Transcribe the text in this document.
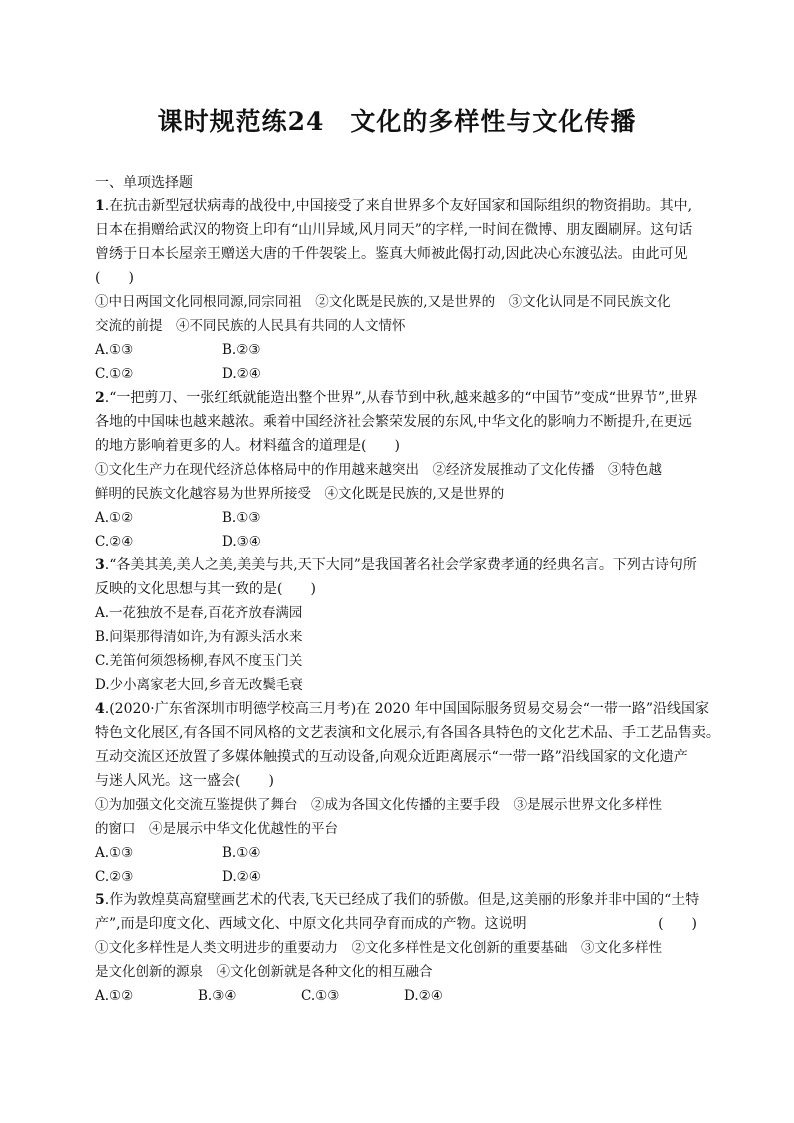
课时规范练24　文化的多样性与文化传播
一、单项选择题
1.在抗击新型冠状病毒的战役中,中国接受了来自世界多个友好国家和国际组织的物资捐助。其中,
日本在捐赠给武汉的物资上印有“山川异域,风月同天”的字样,一时间在微博、朋友圈刷屏。这句话
曾绣于日本长屋亲王赠送大唐的千件袈裟上。鉴真大师被此偈打动,因此决心东渡弘法。由此可见
(　　)
①中日两国文化同根同源,同宗同祖　②文化既是民族的,又是世界的　③文化认同是不同民族文化
交流的前提　④不同民族的人民具有共同的人文情怀
A.①③	B.②③
C.①②	D.②④
2.“一把剪刀、一张红纸就能造出整个世界”,从春节到中秋,越来越多的“中国节”变成“世界节”,世界
各地的中国味也越来越浓。乘着中国经济社会繁荣发展的东风,中华文化的影响力不断提升,在更远
的地方影响着更多的人。材料蕴含的道理是(　　)
①文化生产力在现代经济总体格局中的作用越来越突出　②经济发展推动了文化传播　③特色越
鲜明的民族文化越容易为世界所接受　④文化既是民族的,又是世界的
A.①②	B.①③
C.②④	D.③④
3.“各美其美,美人之美,美美与共,天下大同”是我国著名社会学家费孝通的经典名言。下列古诗句所
反映的文化思想与其一致的是(　　)
A.一花独放不是春,百花齐放春满园
B.问渠那得清如许,为有源头活水来
C.羌笛何须怨杨柳,春风不度玉门关
D.少小离家老大回,乡音无改鬓毛衰
4.(2020·广东省深圳市明德学校高三月考)在 2020 年中国国际服务贸易交易会“一带一路”沿线国家
特色文化展区,有各国不同风格的文艺表演和文化展示,有各国各具特色的文化艺术品、手工艺品售卖。
互动交流区还放置了多媒体触摸式的互动设备,向观众近距离展示“一带一路”沿线国家的文化遗产
与迷人风光。这一盛会(　　)
①为加强文化交流互鉴提供了舞台　②成为各国文化传播的主要手段　③是展示世界文化多样性
的窗口　④是展示中华文化优越性的平台
A.①③	B.①④
C.②③	D.②④
5.作为敦煌莫高窟壁画艺术的代表,飞天已经成了我们的骄傲。但是,这美丽的形象并非中国的“土特
产”,而是印度文化、西域文化、中原文化共同孕育而成的产物。这说明	(　　)
①文化多样性是人类文明进步的重要动力　②文化多样性是文化创新的重要基础　③文化多样性
是文化创新的源泉　④文化创新就是各种文化的相互融合
A.①②	B.③④	C.①③	D.②④
